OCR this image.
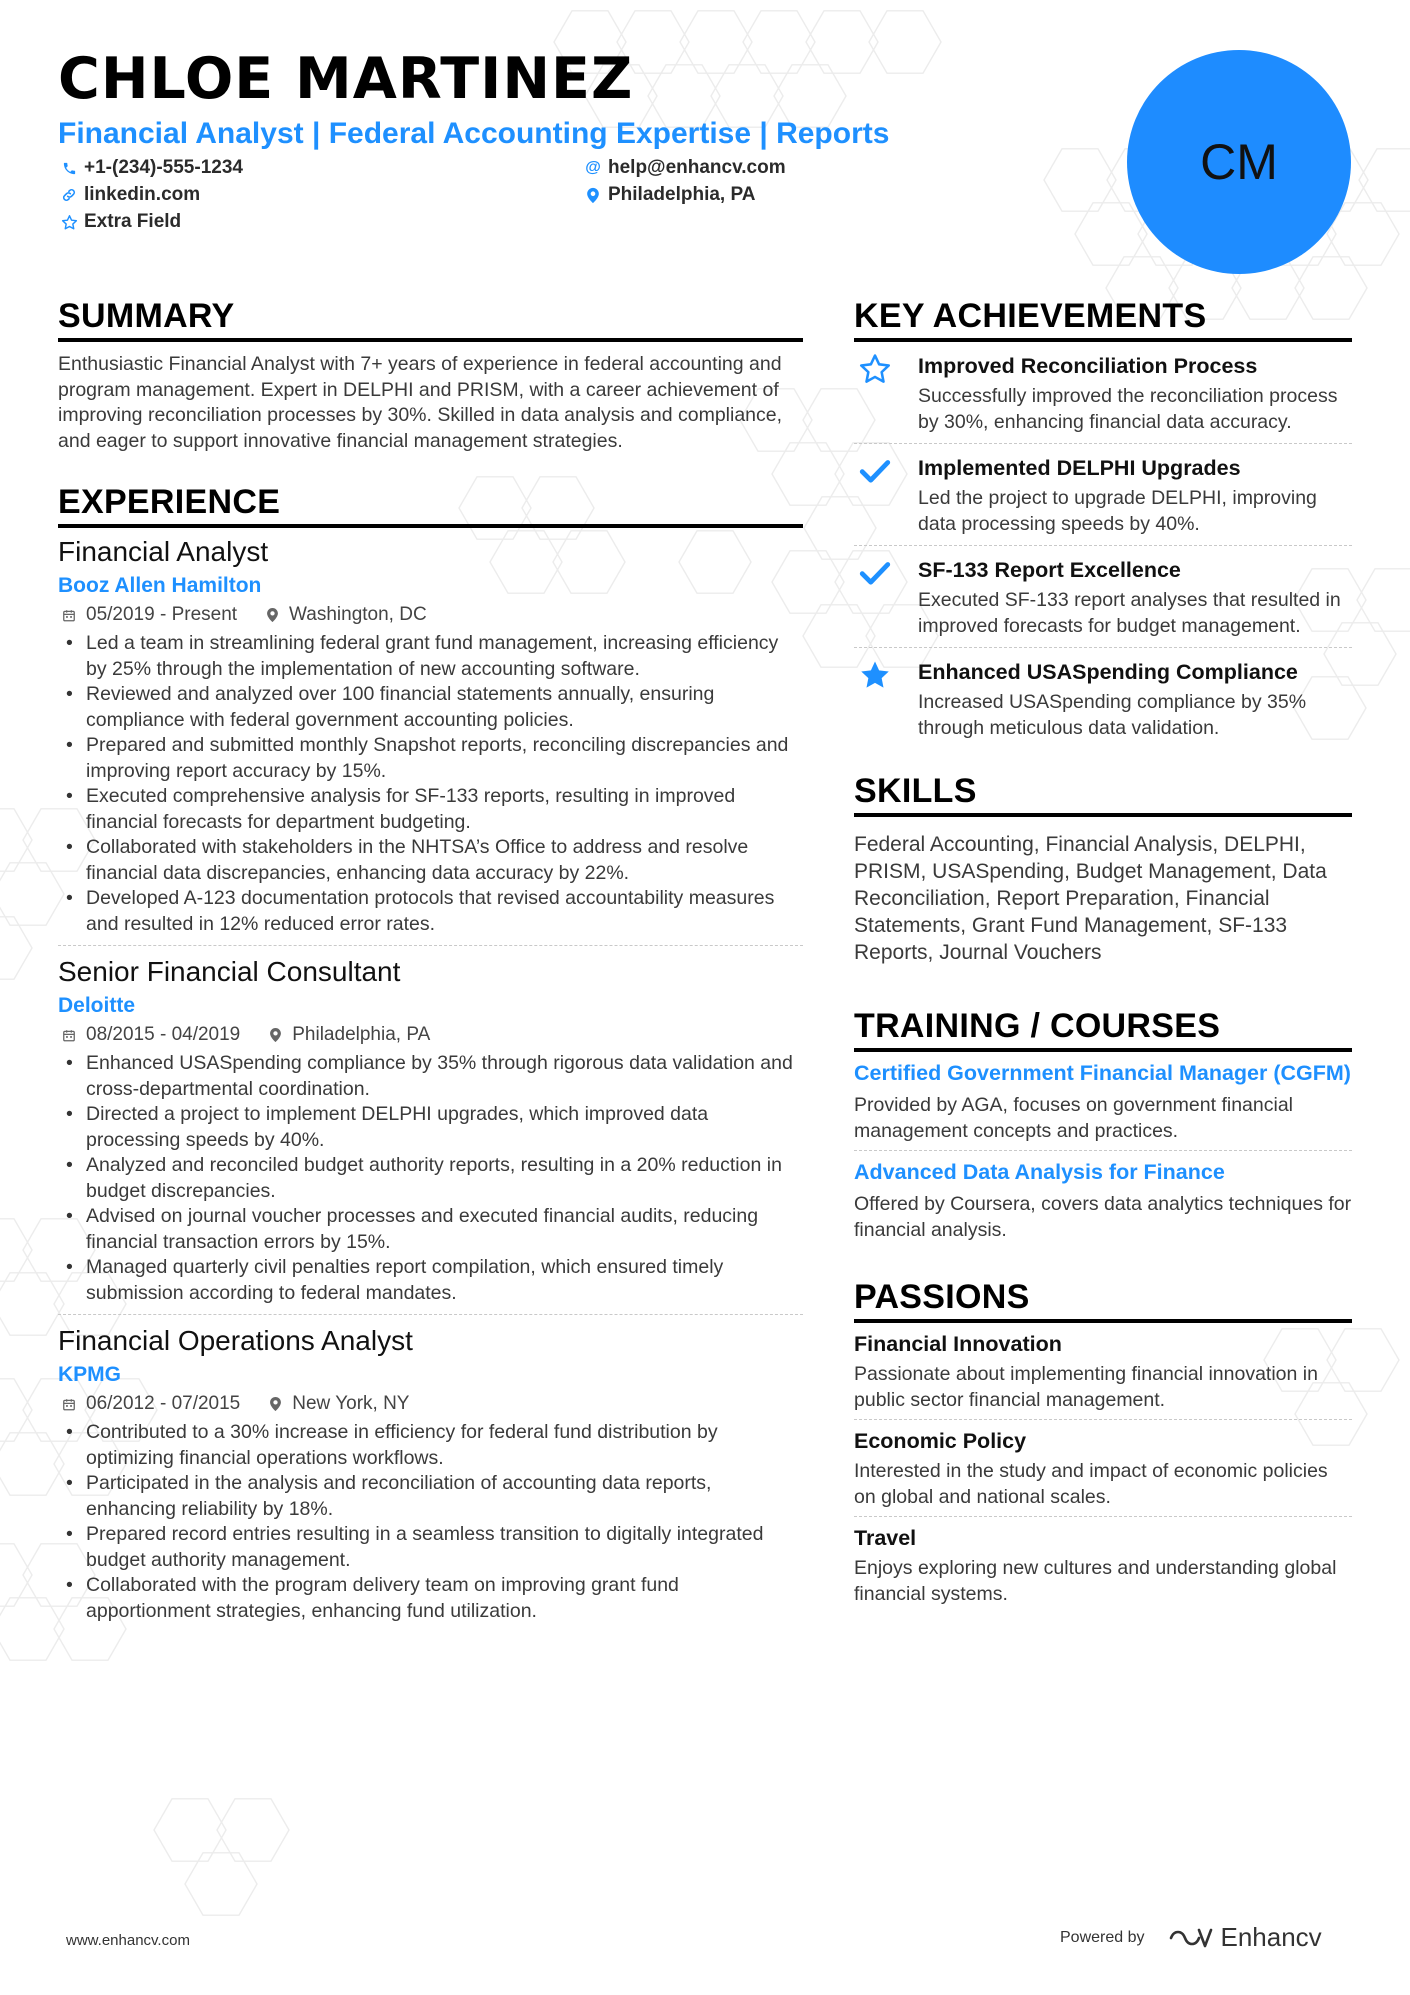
CHLOE MARTINEZ

Financial Analyst | Federal Accounting Expertise | Reports

+1-(234)-555-1234	@ help@enhancv.com
linkedin.com	Philadelphia, PA
Extra Field
CM
SUMMARY

Enthusiastic Financial Analyst with 7+ years of experience in federal accounting and program management. Expert in DELPHI and PRISM, with a career achievement of improving reconciliation processes by 30%. Skilled in data analysis and compliance, and eager to support innovative financial management strategies.

EXPERIENCE
Financial Analyst
Booz Allen Hamilton
05/2019 - Present	Washington, DC
• Led a team in streamlining federal grant fund management, increasing efficiency by 25% through the implementation of new accounting software.
• Reviewed and analyzed over 100 financial statements annually, ensuring compliance with federal government accounting policies.
• Prepared and submitted monthly Snapshot reports, reconciling discrepancies and improving report accuracy by 15%.
• Executed comprehensive analysis for SF-133 reports, resulting in improved financial forecasts for department budgeting.
• Collaborated with stakeholders in the NHTSA’s Office to address and resolve financial data discrepancies, enhancing data accuracy by 22%.
• Developed A-123 documentation protocols that revised accountability measures and resulted in 12% reduced error rates.
Senior Financial Consultant
Deloitte
08/2015 - 04/2019	Philadelphia, PA
• Enhanced USASpending compliance by 35% through rigorous data validation and cross-departmental coordination.
• Directed a project to implement DELPHI upgrades, which improved data processing speeds by 40%.
• Analyzed and reconciled budget authority reports, resulting in a 20% reduction in budget discrepancies.
• Advised on journal voucher processes and executed financial audits, reducing financial transaction errors by 15%.
• Managed quarterly civil penalties report compilation, which ensured timely submission according to federal mandates.
Financial Operations Analyst
KPMG
06/2012 - 07/2015	New York, NY
• Contributed to a 30% increase in efficiency for federal fund distribution by optimizing financial operations workflows.
• Participated in the analysis and reconciliation of accounting data reports, enhancing reliability by 18%.
• Prepared record entries resulting in a seamless transition to digitally integrated budget authority management.
• Collaborated with the program delivery team on improving grant fund apportionment strategies, enhancing fund utilization.
KEY ACHIEVEMENTS
Improved Reconciliation Process

Successfully improved the reconciliation process by 30%, enhancing financial data accuracy.

Implemented DELPHI Upgrades

Led the project to upgrade DELPHI, improving data processing speeds by 40%.

SF-133 Report Excellence

Executed SF-133 report analyses that resulted in improved forecasts for budget management.

Enhanced USASpending Compliance

Increased USASpending compliance by 35% through meticulous data validation.

SKILLS

Federal Accounting, Financial Analysis, DELPHI, PRISM, USASpending, Budget Management, Data Reconciliation, Report Preparation, Financial Statements, Grant Fund Management, SF-133 Reports, Journal Vouchers

TRAINING / COURSES
Certified Government Financial Manager (CGFM)

Provided by AGA, focuses on government financial management concepts and practices.

Advanced Data Analysis for Finance

Offered by Coursera, covers data analytics techniques for financial analysis.

PASSIONS
Financial Innovation

Passionate about implementing financial innovation in public sector financial management.

Economic Policy

Interested in the study and impact of economic policies on global and national scales.

Travel

Enjoys exploring new cultures and understanding global financial systems.

www.enhancv.com	Powered by	Enhancv
